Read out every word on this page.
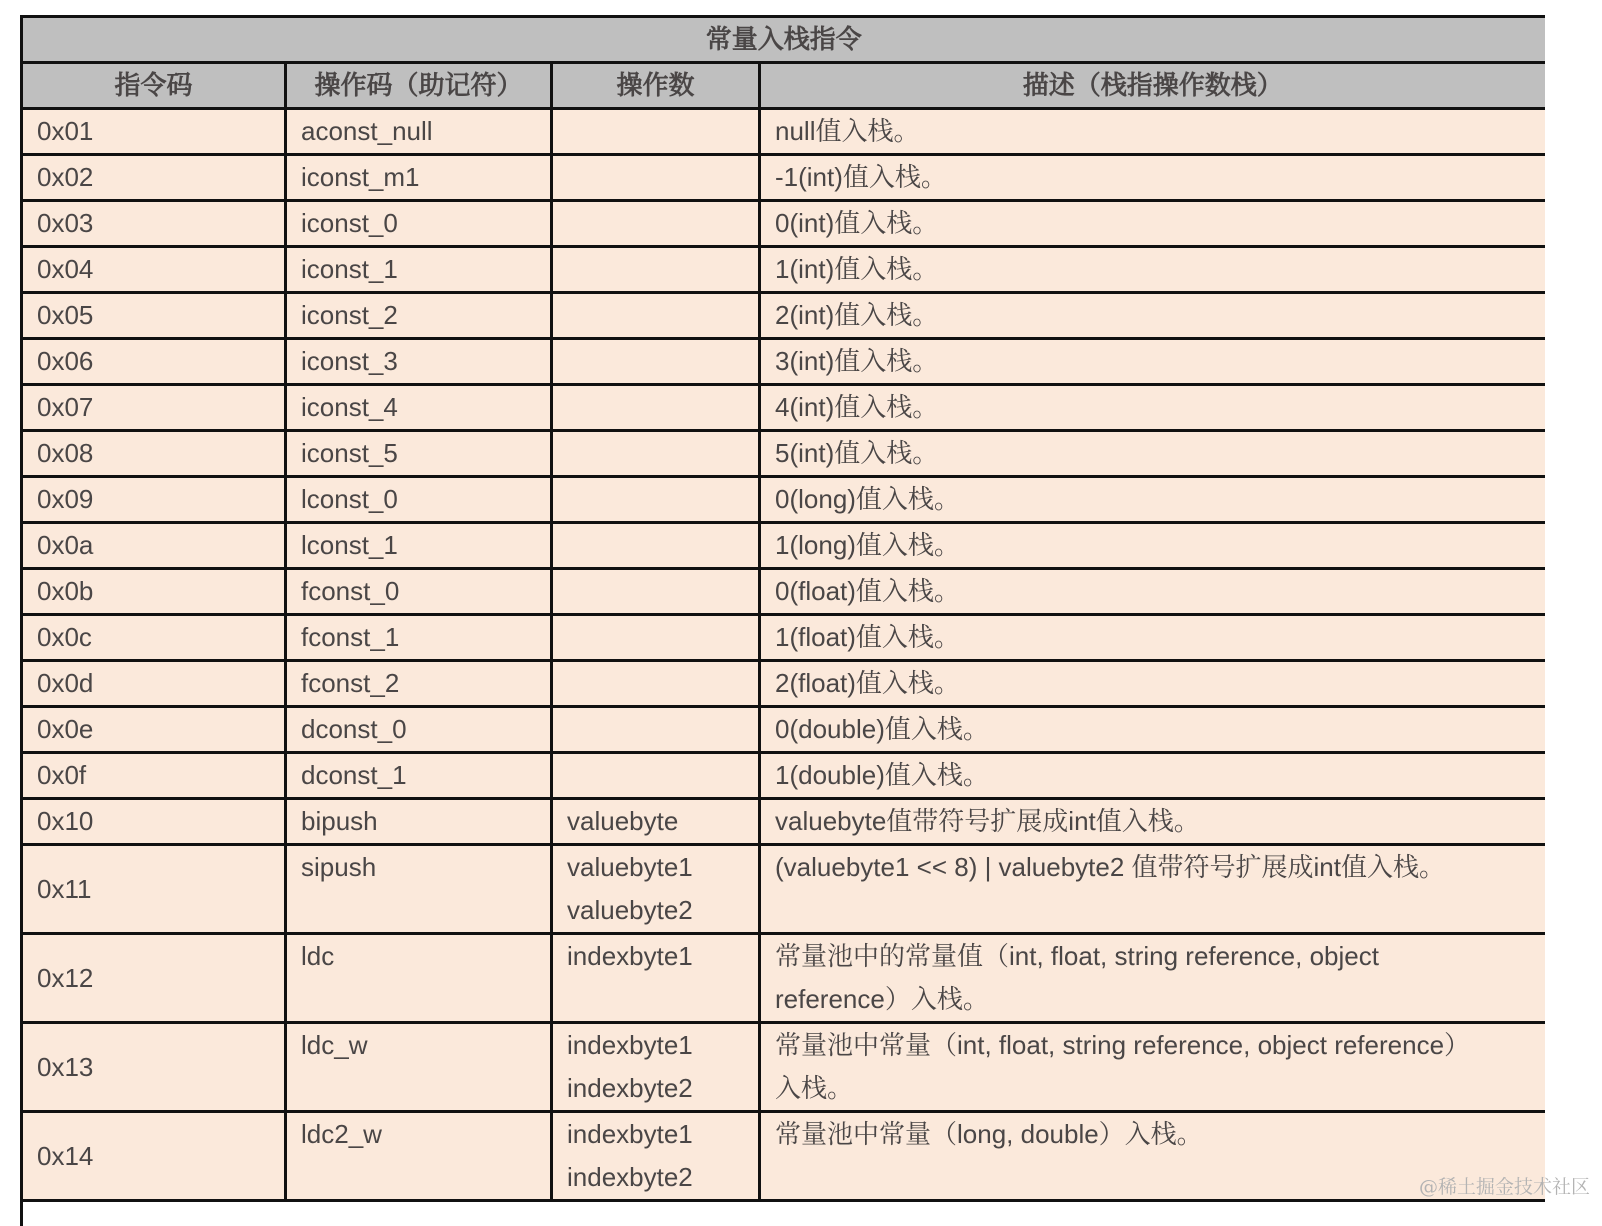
常量入栈指令			
指令码	操作码（助记符）	操作数	描述（栈指操作数栈）

0x01	aconst_null		null值入栈。

0x02	iconst_m1		-1(int)值入栈。

0x03	iconst_0		0(int)值入栈。

0x04	iconst_1		1(int)值入栈。

0x05	iconst_2		2(int)值入栈。

0x06	iconst_3		3(int)值入栈。

0x07	iconst_4		4(int)值入栈。

0x08	iconst_5		5(int)值入栈。

0x09	lconst_0		0(long)值入栈。

0x0a	lconst_1		1(long)值入栈。

0x0b	fconst_0		0(float)值入栈。

0x0c	fconst_1		1(float)值入栈。

0x0d	fconst_2		2(float)值入栈。

0x0e	dconst_0		0(double)值入栈。

0x0f	dconst_1		1(double)值入栈。

0x10	bipush	valuebyte	valuebyte值带符号扩展成int值入栈。

0x11	sipush	valuebyte1
valuebyte2	(valuebyte1 << 8) | valuebyte2 值带符号扩展成int值入栈。

0x12	ldc	indexbyte1	常量池中的常量值（int, float, string reference, object
reference）入栈。

0x13	ldc_w	indexbyte1
indexbyte2	常量池中常量（int, float, string reference, object reference）
入栈。

0x14	ldc2_w	indexbyte1
indexbyte2	常量池中常量（long, double）入栈。
@稀土掘金技术社区
